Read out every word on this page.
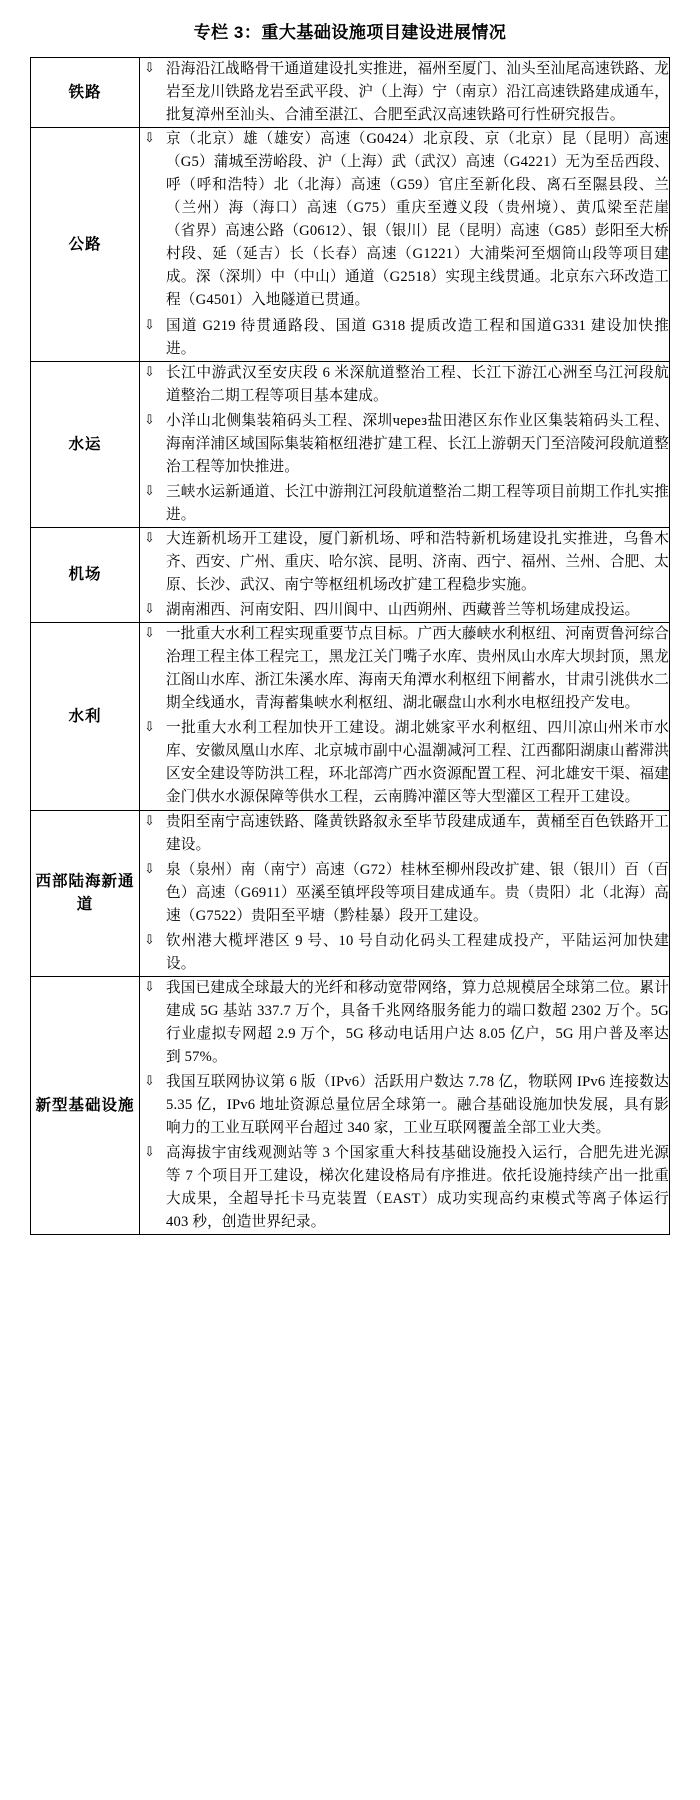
专栏 3：重大基础设施项目建设进展情况
铁路	
⇩ 沿海沿江战略骨干通道建设扎实推进，福州至厦门、汕头至汕尾高速铁路、龙岩至龙川铁路龙岩至武平段、沪（上海）宁（南京）沿江高速铁路建成通车，批复漳州至汕头、合浦至湛江、合肥至武汉高速铁路可行性研究报告。

公路	
⇩ 京（北京）雄（雄安）高速（G0424）北京段、京（北京）昆（昆明）高速（G5）蒲城至涝峪段、沪（上海）武（武汉）高速（G4221）无为至岳西段、呼（呼和浩特）北（北海）高速（G59）官庄至新化段、离石至隰县段、兰（兰州）海（海口）高速（G75）重庆至遵义段（贵州境）、黄瓜梁至茫崖（省界）高速公路（G0612）、银（银川）昆（昆明）高速（G85）彭阳至大桥村段、延（延吉）长（长春）高速（G1221）大浦柴河至烟筒山段等项目建成。深（深圳）中（中山）通道（G2518）实现主线贯通。北京东六环改造工程（G4501）入地隧道已贯通。
⇩ 国道 G219 待贯通路段、国道 G318 提质改造工程和国道G331 建设加快推进。

水运	
⇩ 长江中游武汉至安庆段 6 米深航道整治工程、长江下游江心洲至乌江河段航道整治二期工程等项目基本建成。
⇩ 小洋山北侧集装箱码头工程、深圳через盐田港区东作业区集装箱码头工程、海南洋浦区域国际集装箱枢纽港扩建工程、长江上游朝天门至涪陵河段航道整治工程等加快推进。
⇩ 三峡水运新通道、长江中游荆江河段航道整治二期工程等项目前期工作扎实推进。

机场	
⇩ 大连新机场开工建设，厦门新机场、呼和浩特新机场建设扎实推进，乌鲁木齐、西安、广州、重庆、哈尔滨、昆明、济南、西宁、福州、兰州、合肥、太原、长沙、武汉、南宁等枢纽机场改扩建工程稳步实施。
⇩ 湖南湘西、河南安阳、四川阆中、山西朔州、西藏普兰等机场建成投运。

水利	
⇩ 一批重大水利工程实现重要节点目标。广西大藤峡水利枢纽、河南贾鲁河综合治理工程主体工程完工，黑龙江关门嘴子水库、贵州凤山水库大坝封顶，黑龙江阁山水库、浙江朱溪水库、海南天角潭水利枢纽下闸蓄水，甘肃引洮供水二期全线通水，青海蓄集峡水利枢纽、湖北碾盘山水利水电枢纽投产发电。
⇩ 一批重大水利工程加快开工建设。湖北姚家平水利枢纽、四川凉山州米市水库、安徽凤凰山水库、北京城市副中心温潮减河工程、江西鄱阳湖康山蓄滞洪区安全建设等防洪工程，环北部湾广西水资源配置工程、河北雄安干渠、福建金门供水水源保障等供水工程，云南腾冲灌区等大型灌区工程开工建设。

西部陆海新通道	
⇩ 贵阳至南宁高速铁路、隆黄铁路叙永至毕节段建成通车，黄桶至百色铁路开工建设。
⇩ 泉（泉州）南（南宁）高速（G72）桂林至柳州段改扩建、银（银川）百（百色）高速（G6911）巫溪至镇坪段等项目建成通车。贵（贵阳）北（北海）高速（G7522）贵阳至平塘（黔桂暴）段开工建设。
⇩ 钦州港大榄坪港区 9 号、10 号自动化码头工程建成投产，平陆运河加快建设。

新型基础设施	
⇩ 我国已建成全球最大的光纤和移动宽带网络，算力总规模居全球第二位。累计建成 5G 基站 337.7 万个，具备千兆网络服务能力的端口数超 2302 万个。5G 行业虚拟专网超 2.9 万个，5G 移动电话用户达 8.05 亿户，5G 用户普及率达到 57%。
⇩ 我国互联网协议第 6 版（IPv6）活跃用户数达 7.78 亿，物联网 IPv6 连接数达 5.35 亿，IPv6 地址资源总量位居全球第一。融合基础设施加快发展，具有影响力的工业互联网平台超过 340 家，工业互联网覆盖全部工业大类。
⇩ 高海拔宇宙线观测站等 3 个国家重大科技基础设施投入运行，合肥先进光源等 7 个项目开工建设，梯次化建设格局有序推进。依托设施持续产出一批重大成果，全超导托卡马克装置（EAST）成功实现高约束模式等离子体运行 403 秒，创造世界纪录。
